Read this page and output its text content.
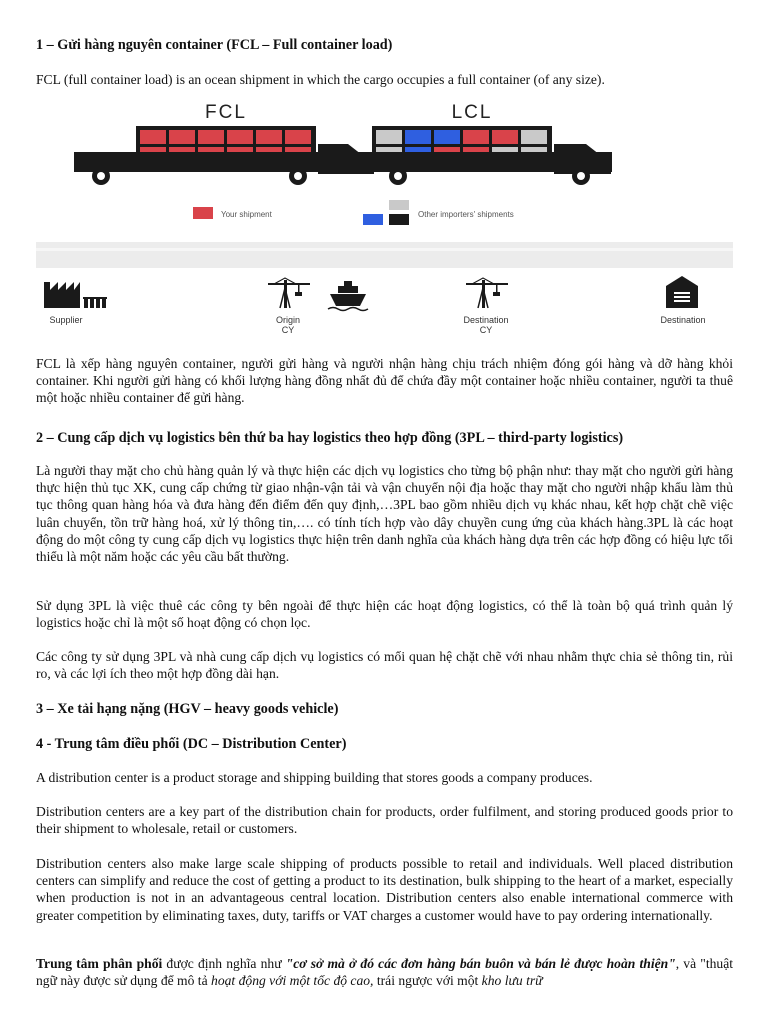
1 – Gửi hàng nguyên container (FCL – Full container load)
FCL (full container load) is an ocean shipment in which the cargo occupies a full container (of any size).
FCL	LCL
Your shipment	Other importers' shipments
Supplier	Origin
CY
Destination
CY
Destination
FCL là xếp hàng nguyên container, người gửi hàng và người nhận hàng chịu trách nhiệm đóng gói hàng và dỡ hàng khỏi container. Khi người gửi hàng có khối lượng hàng đồng nhất đủ để chứa đầy một container hoặc nhiều container, người ta thuê một hoặc nhiều container để gửi hàng.
2 – Cung cấp dịch vụ logistics bên thứ ba hay logistics theo hợp đồng (3PL – third-party logistics)
Là người thay mặt cho chủ hàng quản lý và thực hiện các dịch vụ logistics cho từng bộ phận như: thay mặt cho người gửi hàng thực hiện thủ tục XK, cung cấp chứng từ giao nhận-vận tải và vận chuyển nội địa hoặc thay mặt cho người nhập khẩu làm thủ tục thông quan hàng hóa và đưa hàng đến điểm đến quy định,…3PL bao gồm nhiều dịch vụ khác nhau, kết hợp chặt chẽ việc luân chuyển, tồn trữ hàng hoá, xử lý thông tin,…. có tính tích hợp vào dây chuyền cung ứng của khách hàng.3PL là các hoạt động do một công ty cung cấp dịch vụ logistics thực hiện trên danh nghĩa của khách hàng dựa trên các hợp đồng có hiệu lực tối thiểu là một năm hoặc các yêu cầu bất thường.
Sử dụng 3PL là việc thuê các công ty bên ngoài để thực hiện các hoạt động logistics, có thể là toàn bộ quá trình quản lý logistics hoặc chỉ là một số hoạt động có chọn lọc.
Các công ty sử dụng 3PL và nhà cung cấp dịch vụ logistics có mối quan hệ chặt chẽ với nhau nhằm thực chia sẻ thông tin, rủi ro, và các lợi ích theo một hợp đồng dài hạn.
3 – Xe tải hạng nặng (HGV – heavy goods vehicle)
4 - Trung tâm điều phối (DC – Distribution Center)
A distribution center is a product storage and shipping building that stores goods a company produces.
Distribution centers are a key part of the distribution chain for products, order fulfilment, and storing produced goods prior to their shipment to wholesale, retail or customers.
Distribution centers also make large scale shipping of products possible to retail and individuals. Well placed distribution centers can simplify and reduce the cost of getting a product to its destination, bulk shipping to the heart of a market, especially when production is not in an advantageous central location. Distribution centers also enable international commerce with greater competition by eliminating taxes, duty, tariffs or VAT charges a customer would have to pay ordering internationally.
Trung tâm phân phối được định nghĩa như "cơ sở mà ở đó các đơn hàng bán buôn và bán lẻ được hoàn thiện", và "thuật ngữ này được sử dụng để mô tả hoạt động với một tốc độ cao, trái ngược với một kho lưu trữ
